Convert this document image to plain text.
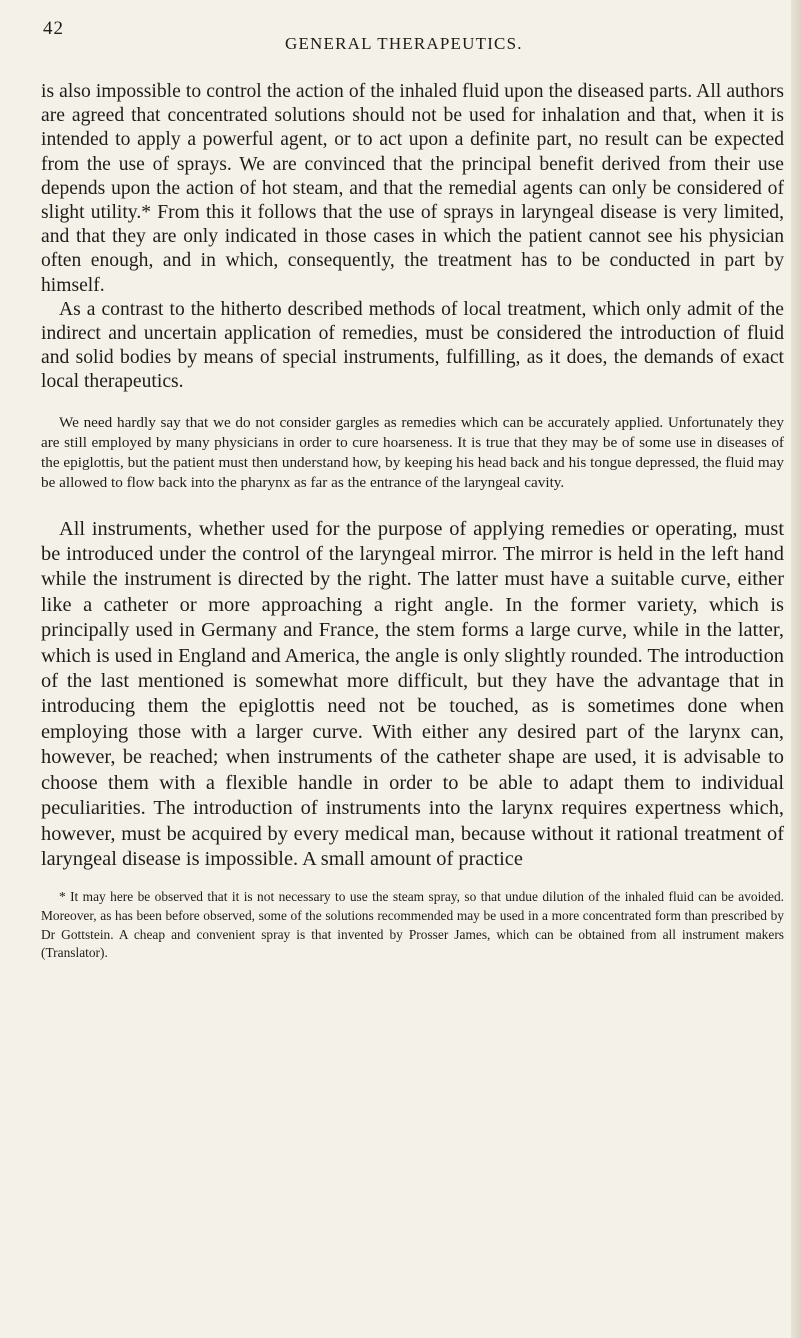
42
GENERAL THERAPEUTICS.

is also impossible to control the action of the inhaled fluid upon the diseased parts. All authors are agreed that concentrated solutions should not be used for inhalation and that, when it is intended to apply a powerful agent, or to act upon a definite part, no result can be expected from the use of sprays. We are convinced that the principal benefit derived from their use depends upon the action of hot steam, and that the remedial agents can only be considered of slight utility.* From this it follows that the use of sprays in laryngeal disease is very limited, and that they are only indicated in those cases in which the patient cannot see his physician often enough, and in which, consequently, the treatment has to be conducted in part by himself.

As a contrast to the hitherto described methods of local treatment, which only admit of the indirect and uncertain application of remedies, must be considered the introduction of fluid and solid bodies by means of special instruments, fulfilling, as it does, the demands of exact local therapeutics.

We need hardly say that we do not consider gargles as remedies which can be accurately applied. Unfortunately they are still employed by many physicians in order to cure hoarseness. It is true that they may be of some use in diseases of the epiglottis, but the patient must then understand how, by keeping his head back and his tongue depressed, the fluid may be allowed to flow back into the pharynx as far as the entrance of the laryngeal cavity.

All instruments, whether used for the purpose of applying remedies or operating, must be introduced under the control of the laryngeal mirror. The mirror is held in the left hand while the instrument is directed by the right. The latter must have a suitable curve, either like a catheter or more approaching a right angle. In the former variety, which is principally used in Germany and France, the stem forms a large curve, while in the latter, which is used in England and America, the angle is only slightly rounded. The introduction of the last mentioned is somewhat more difficult, but they have the advantage that in introducing them the epiglottis need not be touched, as is sometimes done when employing those with a larger curve. With either any desired part of the larynx can, however, be reached; when instruments of the catheter shape are used, it is advisable to choose them with a flexible handle in order to be able to adapt them to individual peculiarities. The introduction of instruments into the larynx requires expertness which, however, must be acquired by every medical man, because without it rational treatment of laryngeal disease is impossible. A small amount of practice

* It may here be observed that it is not necessary to use the steam spray, so that undue dilution of the inhaled fluid can be avoided. Moreover, as has been before observed, some of the solutions recommended may be used in a more concentrated form than prescribed by Dr Gottstein. A cheap and convenient spray is that invented by Prosser James, which can be obtained from all instrument makers (Translator).
